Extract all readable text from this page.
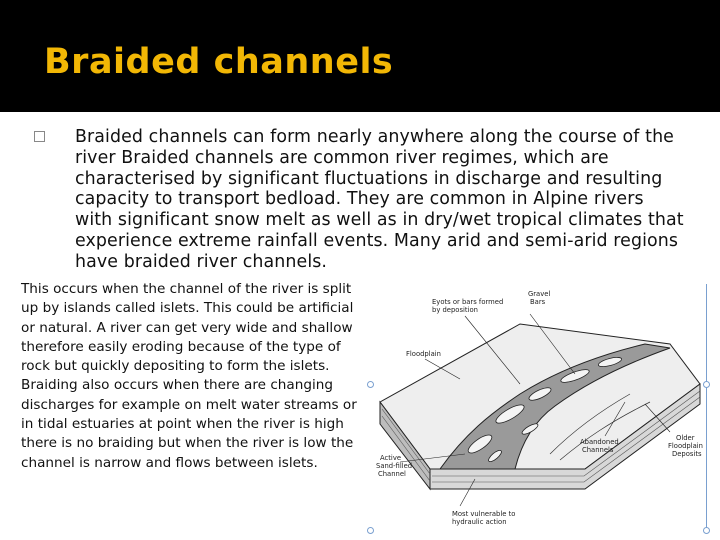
Braided channels
Braided channels can form nearly anywhere along the course of the river Braided channels are common river regimes, which are characterised by significant fluctuations in discharge and resulting capacity to transport bedload. They are common in Alpine rivers with significant snow melt as well as in dry/wet tropical climates that experience extreme rainfall events. Many arid and semi-arid regions have braided river channels.
This occurs when the channel of the river is split up by islands called islets. This could be artificial or natural. A river can get very wide and shallow therefore easily eroding because of the type of rock but quickly depositing to form the islets. Braiding also occurs when there are changing discharges for example on melt water streams or in tidal estuaries at point when the river is high there is no braiding but when the river is low the channel is narrow and flows between islets.
Eyots or bars formed
by deposition
Gravel
Bars
Floodplain
Active
Sand-filled
Channel
Abandoned
Channels
Older
Floodplain
Deposits
Most vulnerable to
hydraulic action
